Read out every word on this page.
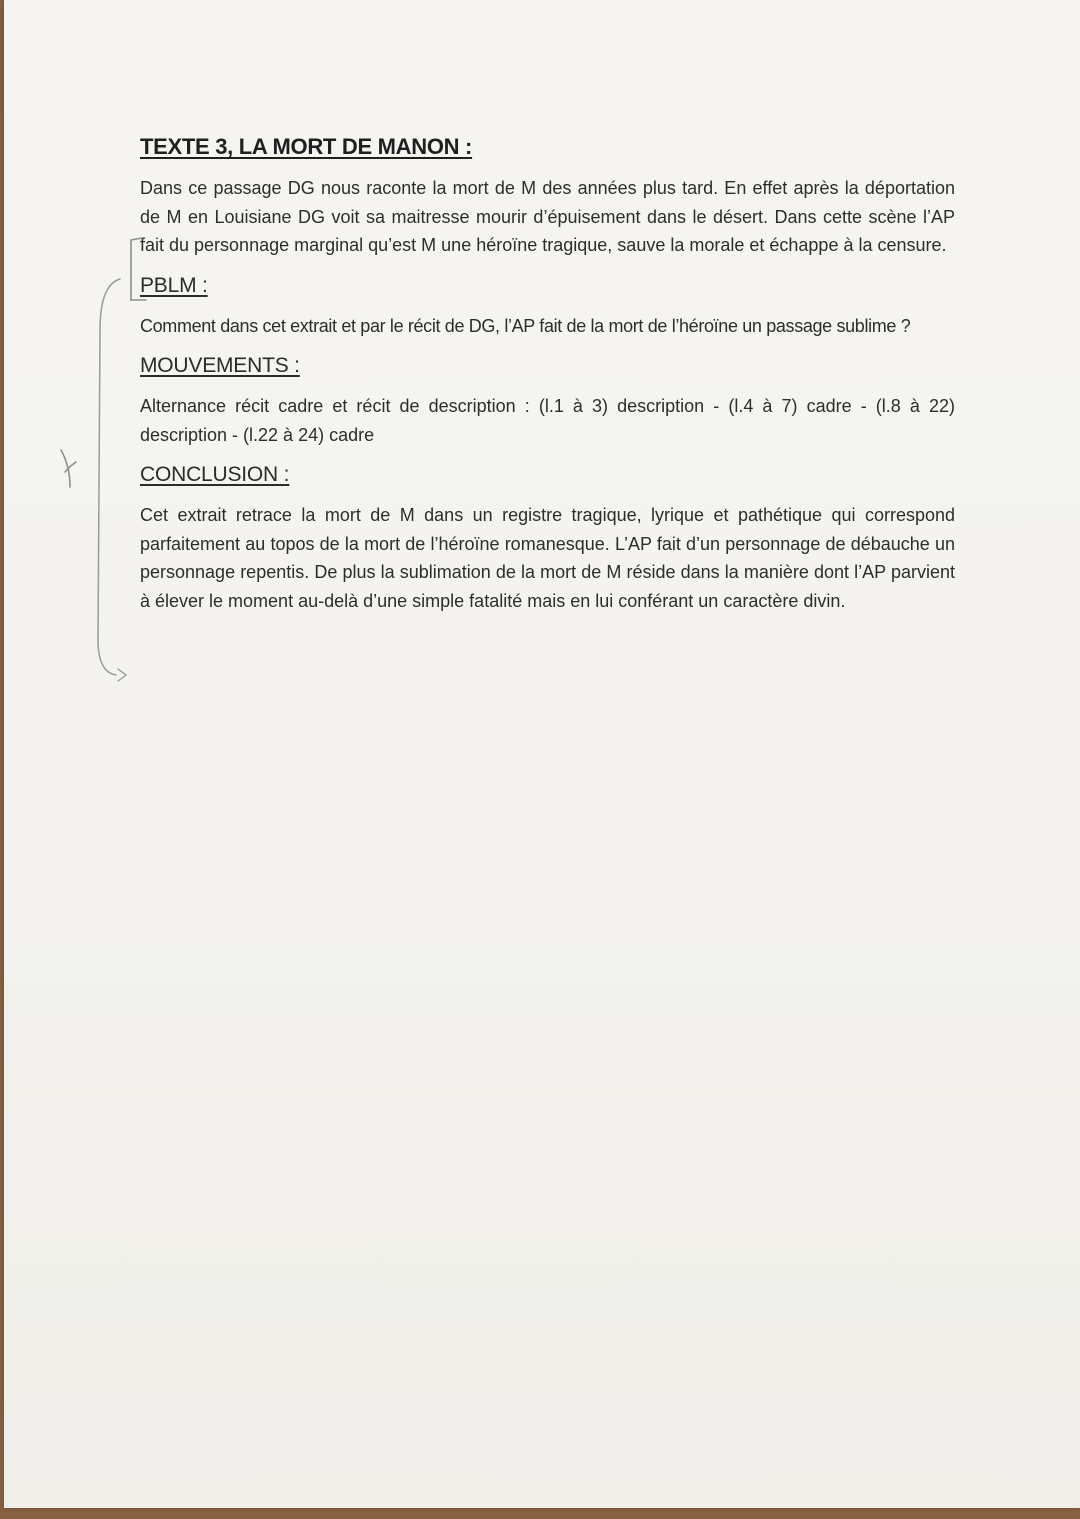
TEXTE 3, LA MORT DE MANON :
Dans ce passage DG nous raconte la mort de M des années plus tard. En effet après la déportation de M en Louisiane DG voit sa maitresse mourir d’épuisement dans le désert. Dans cette scène l’AP fait du personnage marginal qu’est M une héroïne tragique, sauve la morale et échappe à la censure.
PBLM :
Comment dans cet extrait et par le récit de DG, l’AP fait de la mort de l’héroïne un passage sublime ?
MOUVEMENTS :
Alternance récit cadre et récit de description : (l.1 à 3) description - (l.4 à 7) cadre - (l.8 à 22) description - (l.22 à 24) cadre
CONCLUSION :
Cet extrait retrace la mort de M dans un registre tragique, lyrique et pathétique qui correspond parfaitement au topos de la mort de l’héroïne romanesque. L’AP fait d’un personnage de débauche un personnage repentis. De plus la sublimation de la mort de M réside dans la manière dont l’AP parvient à élever le moment au-delà d’une simple fatalité mais en lui conférant un caractère divin.
